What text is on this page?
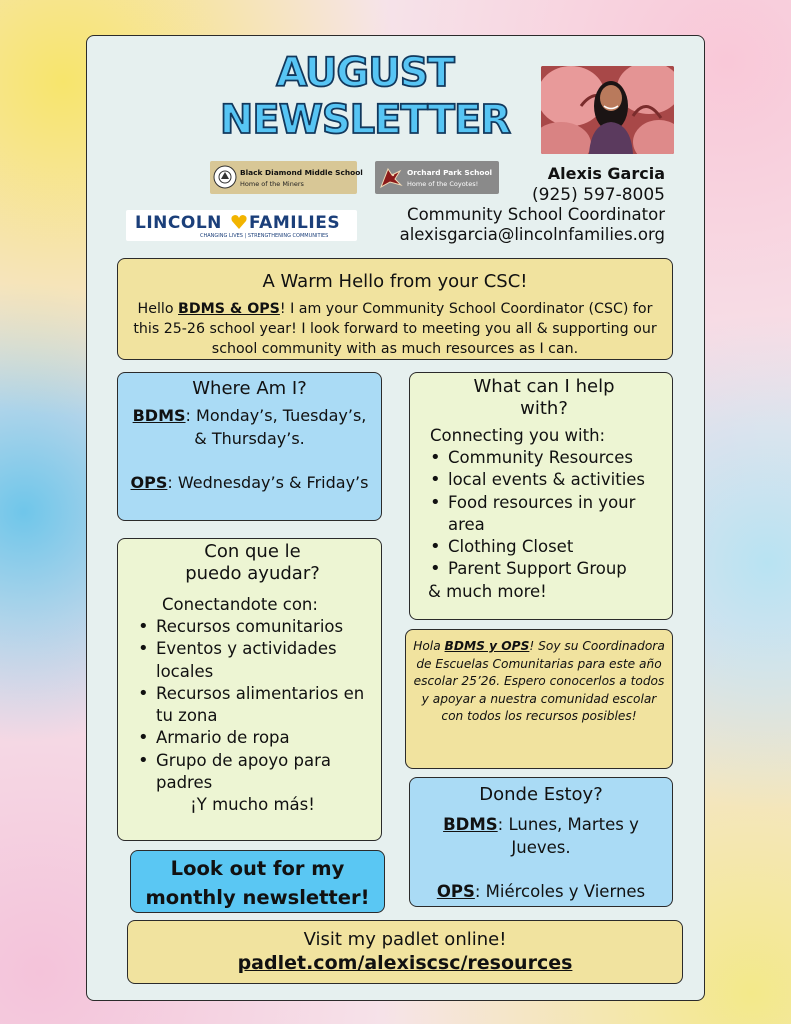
AUGUST
NEWSLETTER
Black Diamond Middle School
Home of the Miners
Orchard Park School
Home of the Coyotes!
LINCOLN FAMILIES
CHANGING LIVES | STRENGTHENING COMMUNITIES
Alexis Garcia
(925) 597-8005
Community School Coordinator
alexisgarcia@lincolnfamilies.org
A Warm Hello from your CSC!
Hello BDMS & OPS! I am your Community School Coordinator (CSC) for this 25-26 school year! I look forward to meeting you all & supporting our school community with as much resources as I can.
Where Am I?
BDMS: Monday’s, Tuesday’s, & Thursday’s.
OPS: Wednesday’s & Friday’s
What can I help with?
Connecting you with:
• Community Resources
• local events & activities
• Food resources in your area
• Clothing Closet
• Parent Support Group
& much more!
Con que le puedo ayudar?
Conectandote con:
• Recursos comunitarios
• Eventos y actividades locales
• Recursos alimentarios en tu zona
• Armario de ropa
• Grupo de apoyo para padres
¡Y mucho más!
Hola BDMS y OPS! Soy su Coordinadora de Escuelas Comunitarias para este año escolar 25’26. Espero conocerlos a todos y apoyar a nuestra comunidad escolar con todos los recursos posibles!
Donde Estoy?
BDMS: Lunes, Martes y Jueves.
OPS: Miércoles y Viernes
Look out for my
monthly newsletter!
Visit my padlet online!
padlet.com/alexiscsc/resources
